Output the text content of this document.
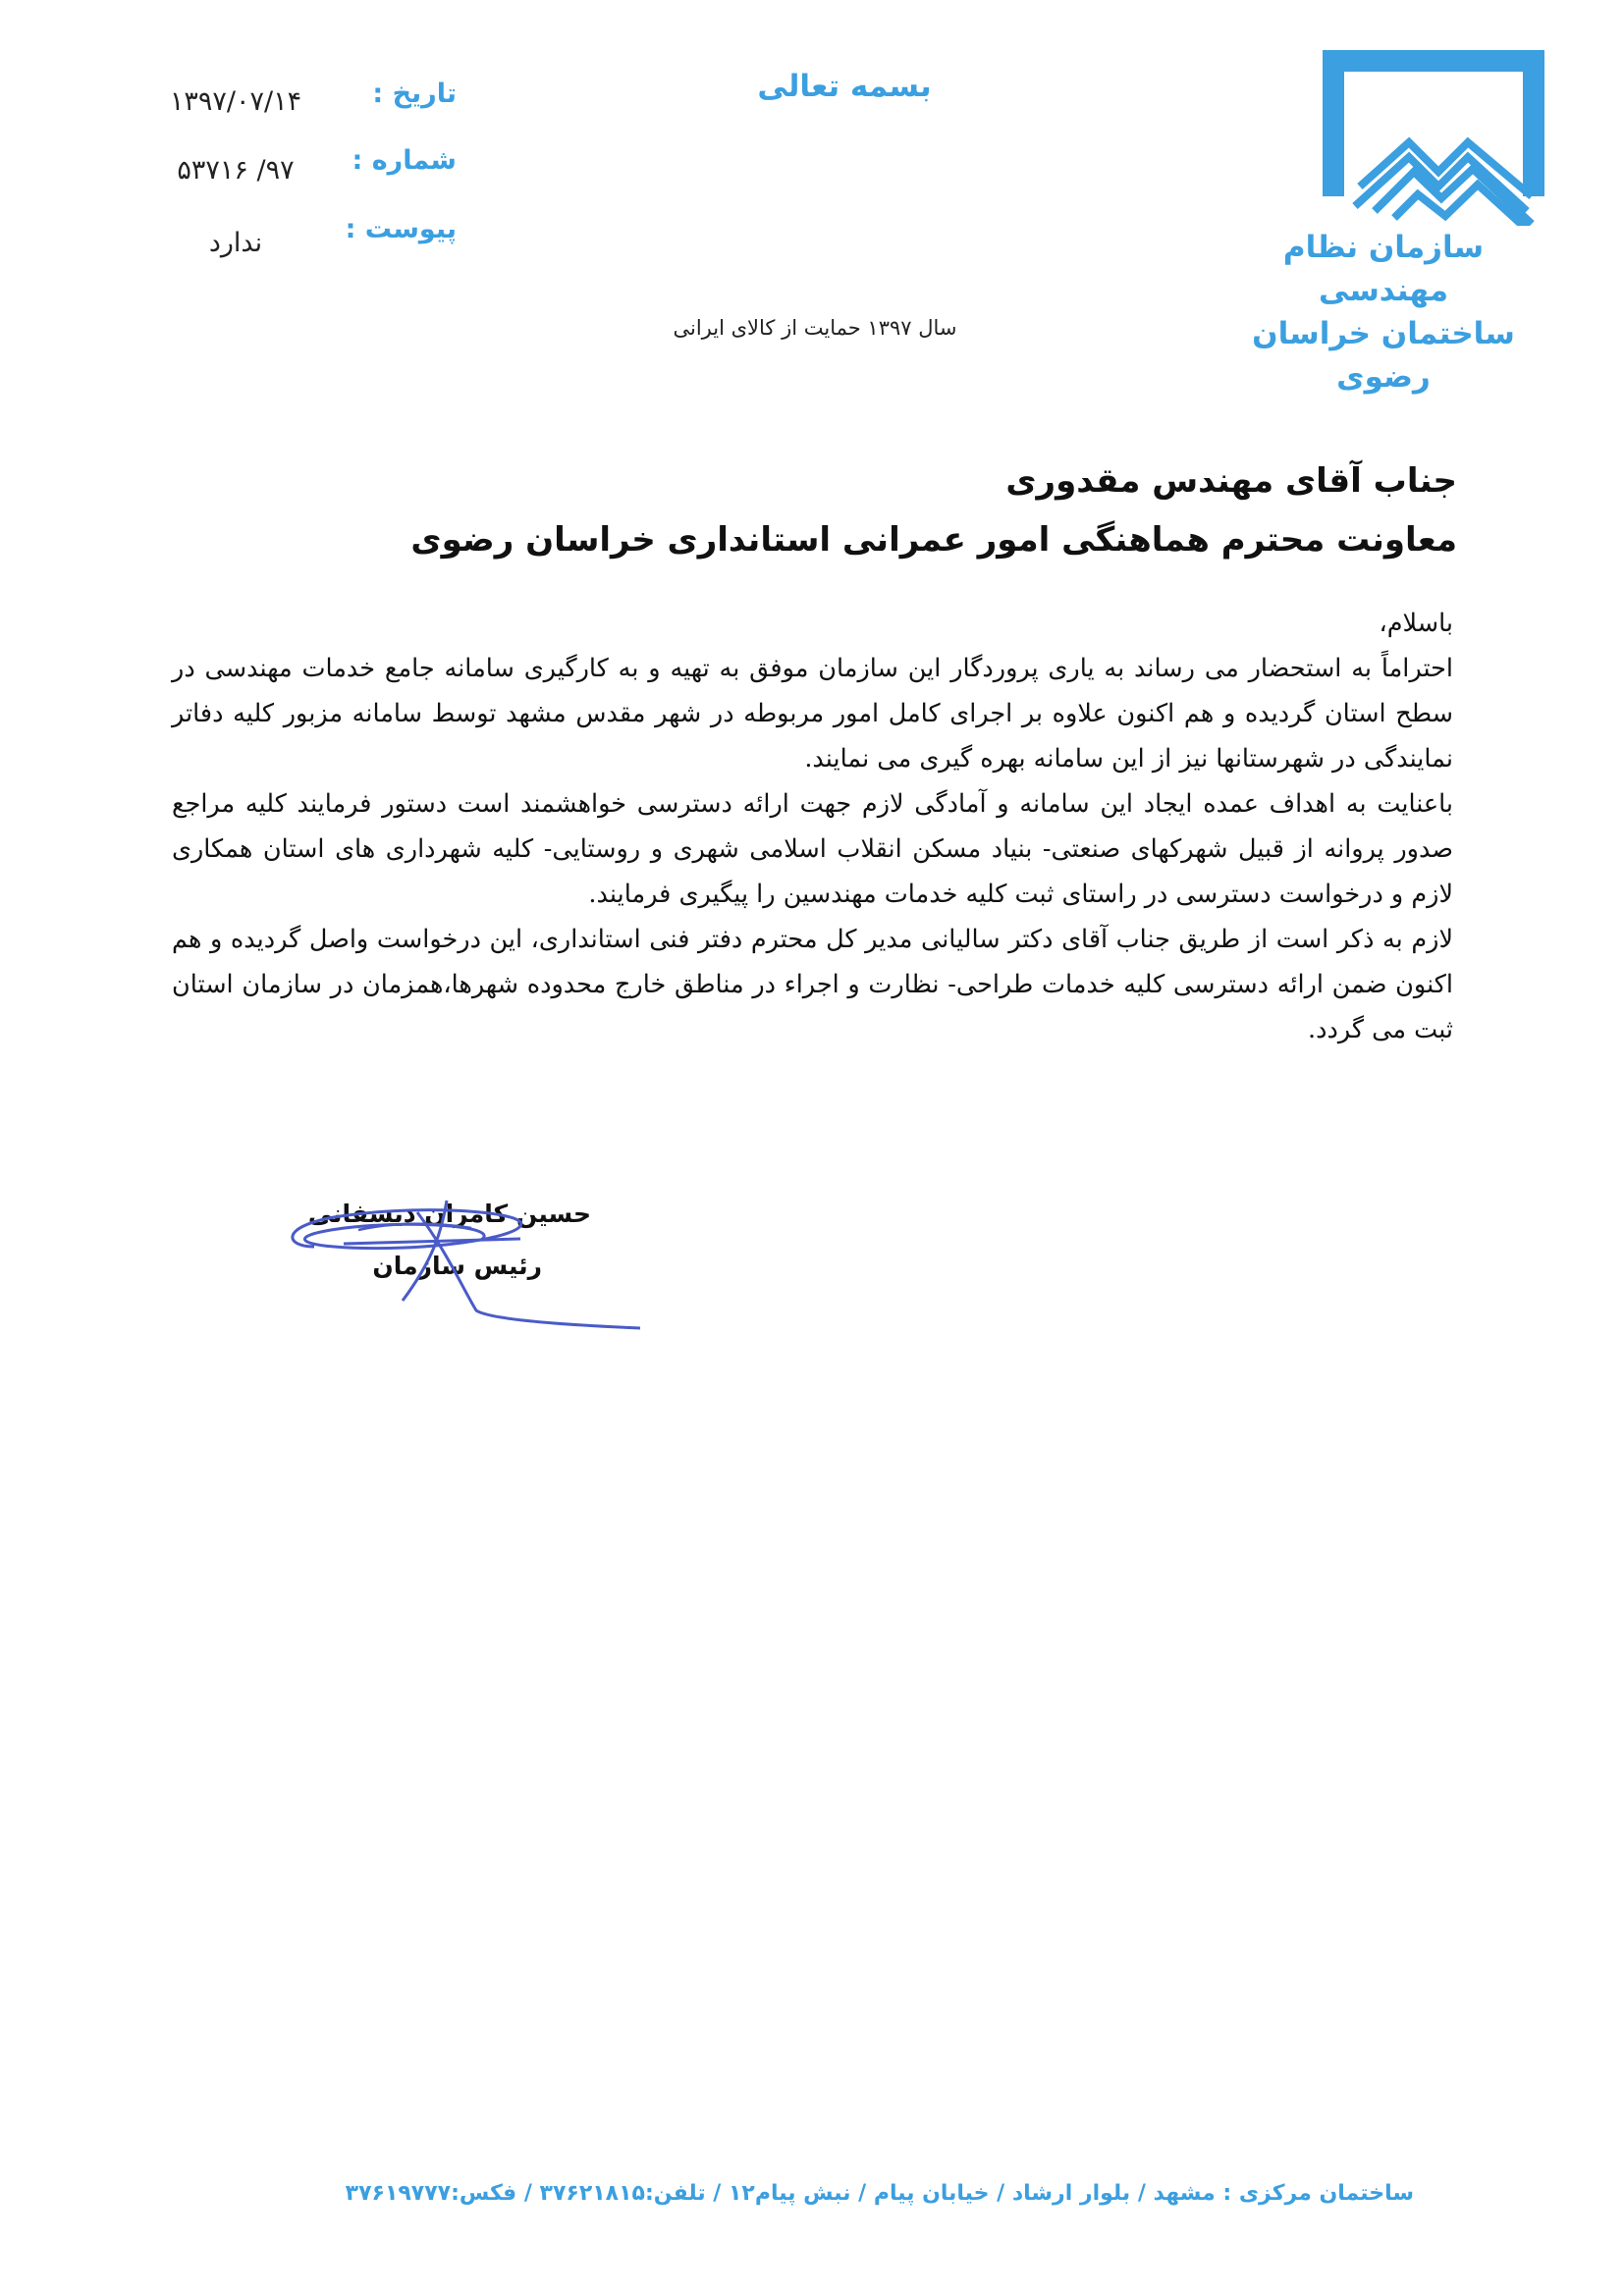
سازمان نظام مهندسی
ساختمان خراسان رضوی
بسمه تعالی
تاریخ :
۱۳۹۷/۰۷/۱۴
شماره :
۹۷/ ۵۳۷۱۶
پیوست :
ندارد
سال ۱۳۹۷ حمایت از کالای ایرانی
جناب آقای مهندس مقدوری
معاونت محترم هماهنگی امور عمرانی استانداری خراسان رضوی

باسلام،

احتراماً به استحضار می رساند به یاری پروردگار این سازمان موفق به تهیه و به کارگیری سامانه جامع خدمات مهندسی در سطح استان گردیده و هم اکنون علاوه بر اجرای کامل امور مربوطه در شهر مقدس مشهد توسط سامانه مزبور کلیه دفاتر نمایندگی در شهرستانها نیز از این سامانه بهره گیری می نمایند.

باعنایت به اهداف عمده ایجاد این سامانه و آمادگی لازم جهت ارائه دسترسی خواهشمند است دستور فرمایند کلیه مراجع صدور پروانه از قبیل شهرکهای صنعتی- بنیاد مسکن انقلاب اسلامی شهری و روستایی- کلیه شهرداری های استان همکاری لازم و درخواست دسترسی در راستای ثبت کلیه خدمات مهندسین را پیگیری فرمایند.

لازم به ذکر است از طریق جناب آقای دکتر سالیانی مدیر کل محترم دفتر فنی استانداری، این درخواست واصل گردیده و هم اکنون ضمن ارائه دسترسی کلیه خدمات طراحی- نظارت و اجراء در مناطق خارج محدوده شهرها،همزمان در سازمان استان ثبت می گردد.

حسین کامران دیسفانی
رئیس سازمان
ساختمان مرکزی : مشهد / بلوار ارشاد / خیابان پیام / نبش پیام۱۲ / تلفن:۳۷۶۲۱۸۱۵ / فکس:۳۷۶۱۹۷۷۷
